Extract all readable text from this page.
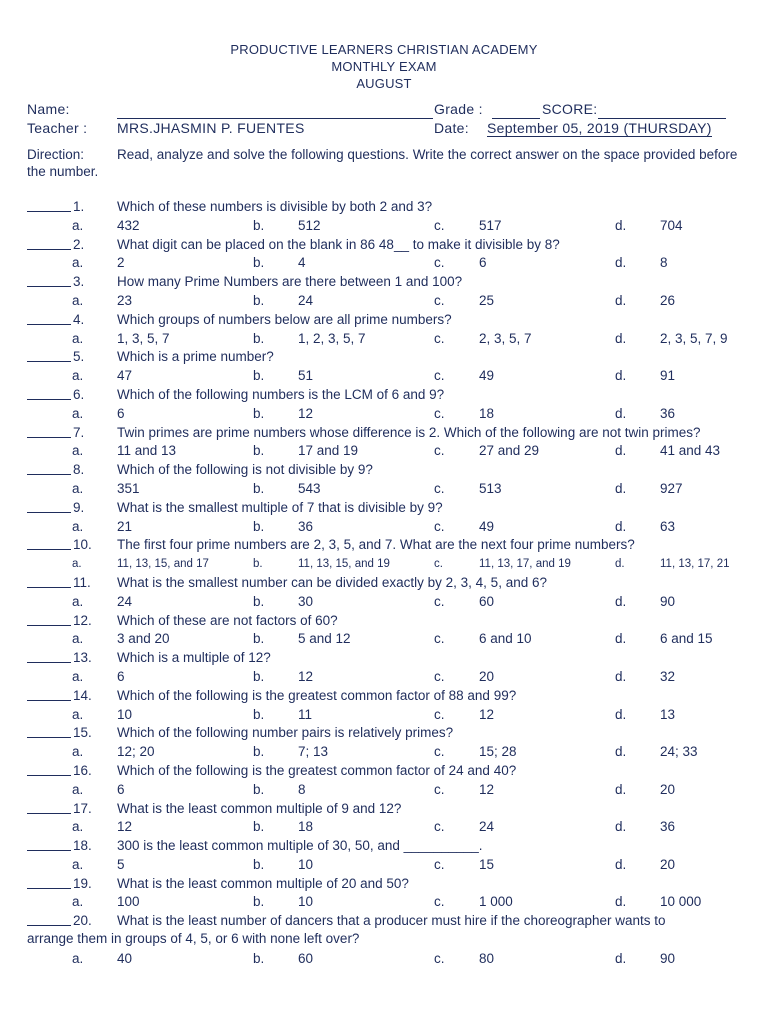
PRODUCTIVE LEARNERS CHRISTIAN ACADEMY
MONTHLY EXAM
AUGUST
Name:	Grade :	SCORE:
Teacher : MRS.JHASMIN P. FUENTES	Date: September 05, 2019 (THURSDAY)
Direction: Read, analyze and solve the following questions. Write the correct answer on the space provided before the number.
1. Which of these numbers is divisible by both 2 and 3?
a. 432	b. 512	c.	517	d. 704
2. What digit can be placed on the blank in 86 48__ to make it divisible by 8?
a. 2	b. 4	c.	6	d. 8
3. How many Prime Numbers are there between 1 and 100?
a. 23	b. 24	c.	25	d. 26
4. Which groups of numbers below are all prime numbers?
a. 1, 3, 5, 7	b. 1, 2, 3, 5, 7	c.	2, 3, 5, 7	d. 2, 3, 5, 7, 9
5. Which is a prime number?
a. 47	b. 51	c.	49	d. 91
6. Which of the following numbers is the LCM of 6 and 9?
a. 6	b. 12	c.	18	d. 36
7. Twin primes are prime numbers whose difference is 2. Which of the following are not twin primes?
a. 11 and 13	b. 17 and 19	c.	27 and 29	d. 41 and 43
8. Which of the following is not divisible by 9?
a. 351	b. 543	c.	513	d. 927
9. What is the smallest multiple of 7 that is divisible by 9?
a. 21	b. 36	c.	49	d. 63
10. The first four prime numbers are 2, 3, 5, and 7. What are the next four prime numbers?
a.	11, 13, 15, and 17	b.	11, 13, 15, and 19	c.	11, 13, 17, and 19	d.	11, 13, 17, 21
11. What is the smallest number can be divided exactly by 2, 3, 4, 5, and 6?
a. 24	b. 30	c.	60	d. 90
12. Which of these are not factors of 60?
a. 3 and 20	b. 5 and 12	c.	6 and 10	d. 6 and 15
13. Which is a multiple of 12?
a. 6	b. 12	c.	20	d. 32
14. Which of the following is the greatest common factor of 88 and 99?
a. 10	b. 11	c.	12	d. 13
15. Which of the following number pairs is relatively primes?
a. 12; 20	b. 7; 13	c.	15; 28	d. 24; 33
16. Which of the following is the greatest common factor of 24 and 40?
a. 6	b. 8	c.	12	d. 20
17. What is the least common multiple of 9 and 12?
a. 12	b. 18	c.	24	d. 36
18. 300 is the least common multiple of 30, 50, and __________.
a. 5	b. 10	c.	15	d. 20
19. What is the least common multiple of 20 and 50?
a. 100	b. 10	c.	1 000	d. 10 000
20. What is the least number of dancers that a producer must hire if the choreographer wants to
arrange them in groups of 4, 5, or 6 with none left over?
a. 40	b. 60	c.	80	d. 90
